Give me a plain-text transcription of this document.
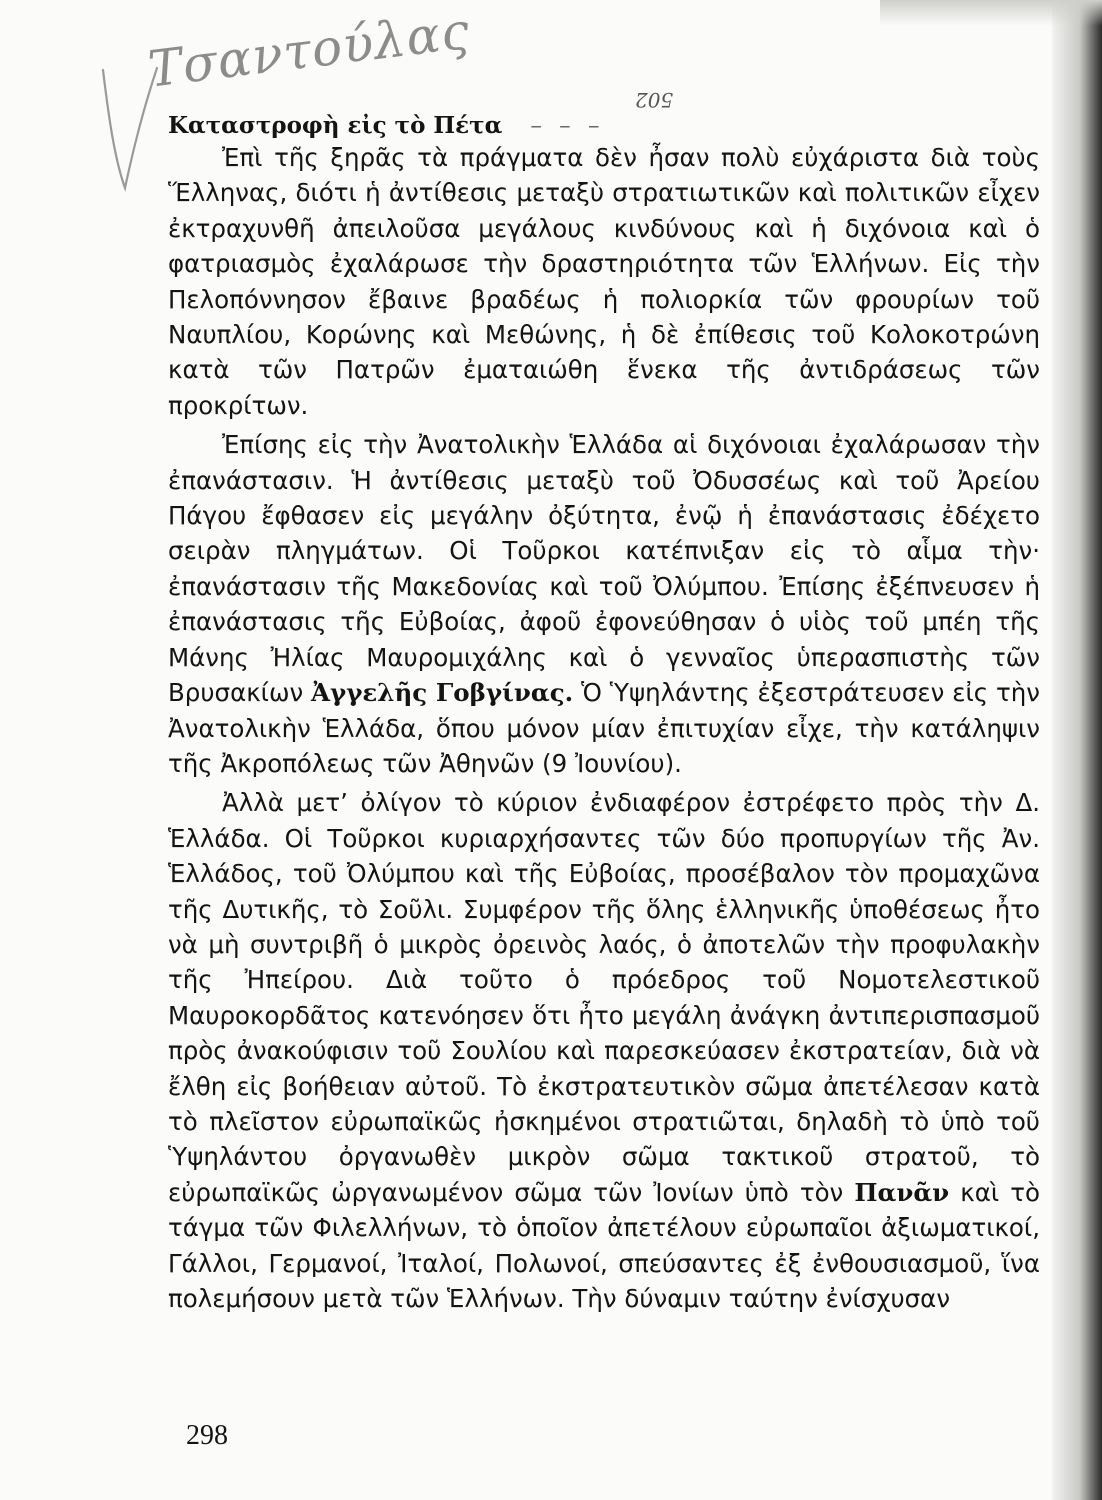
Τσαντούλας
502
Καταστροφὴ εἰς τὸ Πέτα – – –

Ἐπὶ τῆς ξηρᾶς τὰ πράγματα δὲν ἦσαν πολὺ εὐχάριστα διὰ τοὺς Ἕλληνας, διότι ἡ ἀντίθεσις μεταξὺ στρατιωτικῶν καὶ πολιτικῶν εἶχεν ἐκτραχυνθῆ ἀπειλοῦσα μεγάλους κινδύνους καὶ ἡ διχόνοια καὶ ὁ φατριασμὸς ἐχαλάρωσε τὴν δραστηριότητα τῶν Ἑλλήνων. Εἰς τὴν Πελοπόννησον ἔβαινε βραδέως ἡ πολιορκία τῶν φρουρίων τοῦ Ναυπλίου, Κορώνης καὶ Μεθώνης, ἡ δὲ ἐπίθεσις τοῦ Κολοκοτρώνη κατὰ τῶν Πατρῶν ἐματαιώθη ἕνεκα τῆς ἀντιδράσεως τῶν προκρίτων.

Ἐπίσης εἰς τὴν Ἀνατολικὴν Ἑλλάδα αἱ διχόνοιαι ἐχαλάρωσαν τὴν ἐπανάστασιν. Ἡ ἀντίθεσις μεταξὺ τοῦ Ὀδυσσέως καὶ τοῦ Ἀρείου Πάγου ἔφθασεν εἰς μεγάλην ὀξύτητα, ἐνῷ ἡ ἐπανάστασις ἐδέχετο σειρὰν πληγμάτων. Οἱ Τοῦρκοι κατέπνιξαν εἰς τὸ αἷμα τὴν· ἐπανάστασιν τῆς Μακεδονίας καὶ τοῦ Ὀλύμπου. Ἐπίσης ἐξέπνευσεν ἡ ἐπανάστασις τῆς Εὐβοίας, ἀφοῦ ἐφονεύθησαν ὁ υἱὸς τοῦ μπέη τῆς Μάνης Ἠλίας Μαυρομιχάλης καὶ ὁ γενναῖος ὑπερασπιστὴς τῶν Βρυσακίων Ἀγγελῆς Γοβγίνας. Ὁ Ὑψηλάντης ἐξεστράτευσεν εἰς τὴν Ἀνατολικὴν Ἑλλάδα, ὅπου μόνον μίαν ἐπιτυχίαν εἶχε, τὴν κατάληψιν τῆς Ἀκροπόλεως τῶν Ἀθηνῶν (9 Ἰουνίου).

Ἀλλὰ μετ’ ὀλίγον τὸ κύριον ἐνδιαφέρον ἐστρέφετο πρὸς τὴν Δ. Ἑλλάδα. Οἱ Τοῦρκοι κυριαρχήσαντες τῶν δύο προπυργίων τῆς Ἀν. Ἑλλάδος, τοῦ Ὀλύμπου καὶ τῆς Εὐβοίας, προσέβαλον τὸν προμαχῶνα τῆς Δυτικῆς, τὸ Σοῦλι. Συμφέρον τῆς ὅλης ἑλληνικῆς ὑποθέσεως ἦτο νὰ μὴ συντριβῆ ὁ μικρὸς ὀρεινὸς λαός, ὁ ἀποτελῶν τὴν προφυλακὴν τῆς Ἠπείρου. Διὰ τοῦτο ὁ πρόεδρος τοῦ Νομοτελεστικοῦ Μαυροκορδᾶτος κατενόησεν ὅτι ἦτο μεγάλη ἀνάγκη ἀντιπερισπασμοῦ πρὸς ἀνακούφισιν τοῦ Σουλίου καὶ παρεσκεύασεν ἐκστρατείαν, διὰ νὰ ἔλθη εἰς βοήθειαν αὐτοῦ. Τὸ ἐκστρατευτικὸν σῶμα ἀπετέλεσαν κατὰ τὸ πλεῖστον εὐρωπαϊκῶς ἠσκημένοι στρατιῶται, δηλαδὴ τὸ ὑπὸ τοῦ Ὑψηλάντου ὀργανωθὲν μικρὸν σῶμα τακτικοῦ στρατοῦ, τὸ εὐρωπαϊκῶς ὠργανωμένον σῶμα τῶν Ἰονίων ὑπὸ τὸν Πανᾶν καὶ τὸ τάγμα τῶν Φιλελλήνων, τὸ ὁποῖον ἀπετέλουν εὐρωπαῖοι ἀξιωματικοί, Γάλλοι, Γερμανοί, Ἰταλοί, Πολωνοί, σπεύσαντες ἐξ ἐνθουσιασμοῦ, ἵνα πολεμήσουν μετὰ τῶν Ἑλλήνων. Τὴν δύναμιν ταύτην ἐνίσχυσαν

298
